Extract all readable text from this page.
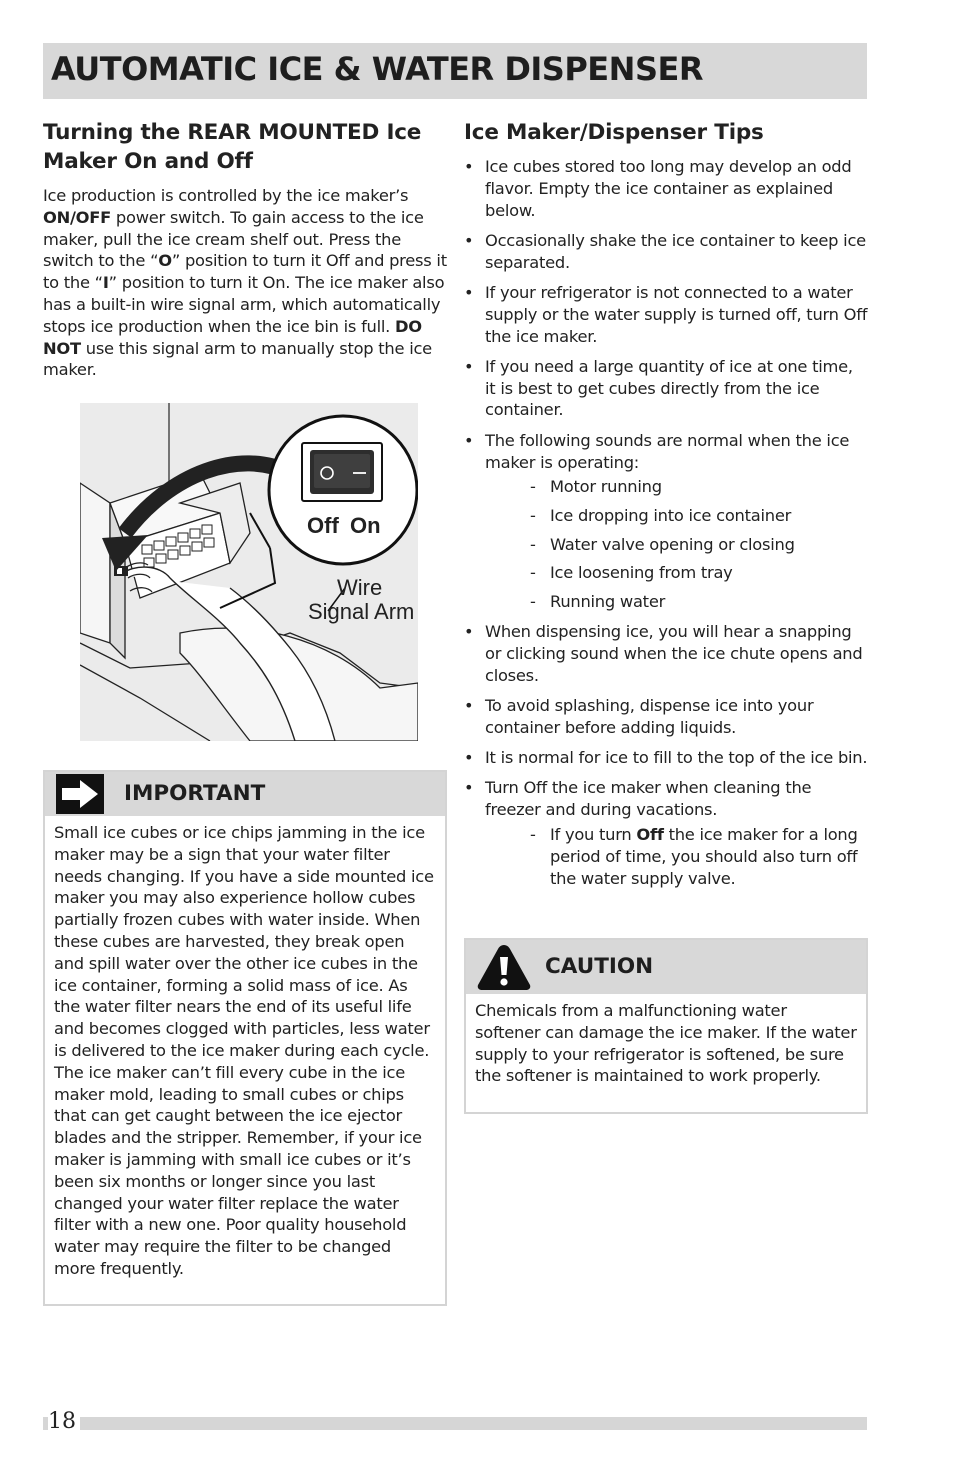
AUTOMATIC ICE & WATER DISPENSER
Turning the REAR MOUNTED Ice Maker On and Off

Ice production is controlled by the ice maker’s ON/OFF power switch. To gain access to the ice maker, pull the ice cream shelf out. Press the switch to the “O” position to turn it Off and press it to the “I” position to turn it On. The ice maker also has a built-in wire signal arm, which automatically stops ice production when the ice bin is full. DO NOT use this signal arm to manually stop the ice maker.

Off On
Wire
Signal Arm
IMPORTANT

Small ice cubes or ice chips jamming in the ice maker may be a sign that your water filter needs changing. If you have a side mounted ice maker you may also experience hollow cubes partially frozen cubes with water inside. When these cubes are harvested, they break open and spill water over the other ice cubes in the ice container, forming a solid mass of ice. As the water filter nears the end of its useful life and becomes clogged with particles, less water is delivered to the ice maker during each cycle. The ice maker can’t fill every cube in the ice maker mold, leading to small cubes or chips that can get caught between the ice ejector blades and the stripper. Remember, if your ice maker is jamming with small ice cubes or it’s been six months or longer since you last changed your water filter replace the water filter with a new one. Poor quality household water may require the filter to be changed more frequently.

Ice Maker/Dispenser Tips
• Ice cubes stored too long may develop an odd flavor. Empty the ice container as explained below.
• Occasionally shake the ice container to keep ice separated.
• If your refrigerator is not connected to a water supply or the water supply is turned off, turn Off the ice maker.
• If you need a large quantity of ice at one time, it is best to get cubes directly from the ice container.
• The following sounds are normal when the ice maker is operating:
- Motor running
- Ice dropping into ice container
- Water valve opening or closing
- Ice loosening from tray
- Running water
• When dispensing ice, you will hear a snapping or clicking sound when the ice chute opens and closes.
• To avoid splashing, dispense ice into your container before adding liquids.
• It is normal for ice to fill to the top of the ice bin.
• Turn Off the ice maker when cleaning the freezer and during vacations.
- If you turn Off the ice maker for a long period of time, you should also turn off the water supply valve.
CAUTION

Chemicals from a malfunctioning water softener can damage the ice maker. If the water supply to your refrigerator is softened, be sure the softener is maintained to work properly.

18
